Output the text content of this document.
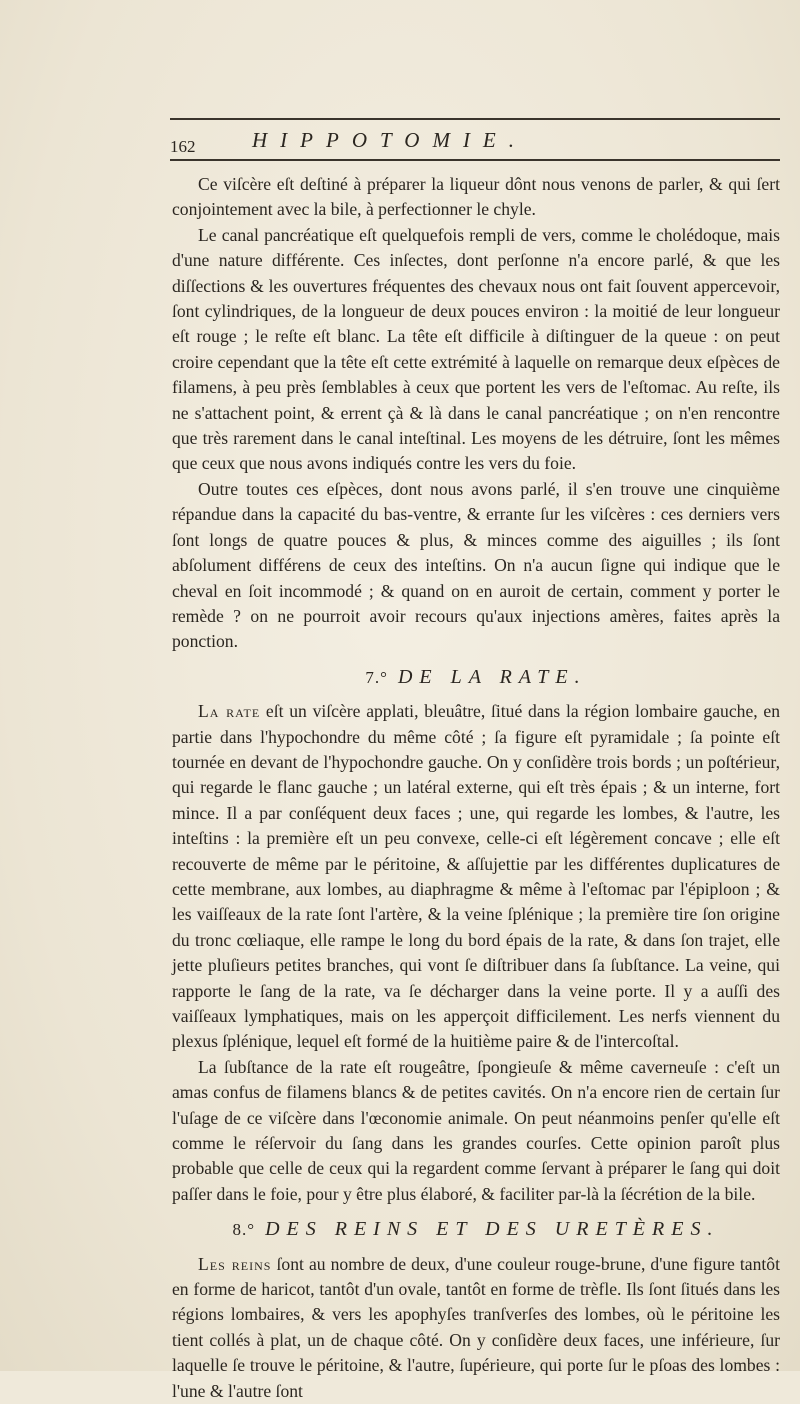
162	HIPPOTOMIE.

Ce viſcère eſt deſtiné à préparer la liqueur dônt nous venons de parler, & qui ſert conjointement avec la bile, à perfectionner le chyle.

Le canal pancréatique eſt quelquefois rempli de vers, comme le cholédoque, mais d'une nature différente. Ces inſectes, dont perſonne n'a encore parlé, & que les diſſections & les ouvertures fréquentes des chevaux nous ont fait ſouvent appercevoir, ſont cylindriques, de la longueur de deux pouces environ : la moitié de leur longueur eſt rouge ; le reſte eſt blanc. La tête eſt difficile à diſtinguer de la queue : on peut croire cependant que la tête eſt cette extrémité à laquelle on remarque deux eſpèces de filamens, à peu près ſemblables à ceux que portent les vers de l'eſtomac. Au reſte, ils ne s'attachent point, & errent çà & là dans le canal pancréatique ; on n'en rencontre que très rarement dans le canal inteſtinal. Les moyens de les détruire, ſont les mêmes que ceux que nous avons indiqués contre les vers du foie.

Outre toutes ces eſpèces, dont nous avons parlé, il s'en trouve une cinquième répandue dans la capacité du bas-ventre, & errante ſur les viſcères : ces derniers vers ſont longs de quatre pouces & plus, & minces comme des aiguilles ; ils ſont abſolument différens de ceux des inteſtins. On n'a aucun ſigne qui indique que le cheval en ſoit incommodé ; & quand on en auroit de certain, comment y porter le remède ? on ne pourroit avoir recours qu'aux injections amères, faites après la ponction.

7.° DE LA RATE.

La rate eſt un viſcère applati, bleuâtre, ſitué dans la région lombaire gauche, en partie dans l'hypochondre du même côté ; ſa figure eſt pyramidale ; ſa pointe eſt tournée en devant de l'hypochondre gauche. On y conſidère trois bords ; un poſtérieur, qui regarde le flanc gauche ; un latéral externe, qui eſt très épais ; & un interne, fort mince. Il a par conſéquent deux faces ; une, qui regarde les lombes, & l'autre, les inteſtins : la première eſt un peu convexe, celle-ci eſt légèrement concave ; elle eſt recouverte de même par le péritoine, & aſſujettie par les différentes duplicatures de cette membrane, aux lombes, au diaphragme & même à l'eſtomac par l'épiploon ; & les vaiſſeaux de la rate ſont l'artère, & la veine ſplénique ; la première tire ſon origine du tronc cœliaque, elle rampe le long du bord épais de la rate, & dans ſon trajet, elle jette pluſieurs petites branches, qui vont ſe diſtribuer dans ſa ſubſtance. La veine, qui rapporte le ſang de la rate, va ſe décharger dans la veine porte. Il y a auſſi des vaiſſeaux lymphatiques, mais on les apperçoit difficilement. Les nerfs viennent du plexus ſplénique, lequel eſt formé de la huitième paire & de l'intercoſtal.

La ſubſtance de la rate eſt rougeâtre, ſpongieuſe & même caverneuſe : c'eſt un amas confus de filamens blancs & de petites cavités. On n'a encore rien de certain ſur l'uſage de ce viſcère dans l'œconomie animale. On peut néanmoins penſer qu'elle eſt comme le réſervoir du ſang dans les grandes courſes. Cette opinion paroît plus probable que celle de ceux qui la regardent comme ſervant à préparer le ſang qui doit paſſer dans le foie, pour y être plus élaboré, & faciliter par-là la ſécrétion de la bile.

8.° DES REINS ET DES URETÈRES.

Les reins ſont au nombre de deux, d'une couleur rouge-brune, d'une figure tantôt en forme de haricot, tantôt d'un ovale, tantôt en forme de trèfle. Ils ſont ſitués dans les régions lombaires, & vers les apophyſes tranſverſes des lombes, où le péritoine les tient collés à plat, un de chaque côté. On y conſidère deux faces, une inférieure, ſur laquelle ſe trouve le péritoine, & l'autre, ſupérieure, qui porte ſur le pſoas des lombes : l'une & l'autre ſont
